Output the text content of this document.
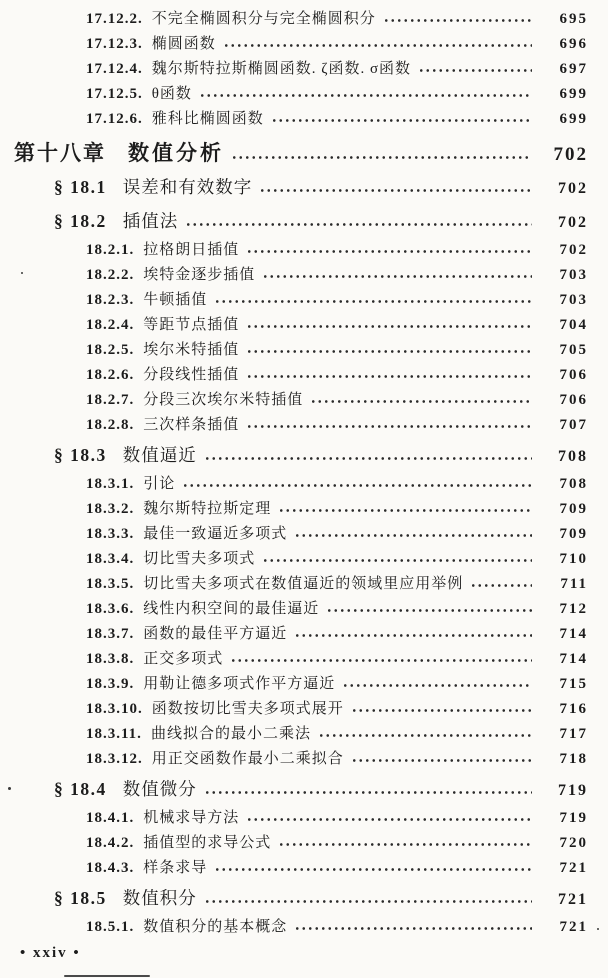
17.12.2. 不完全椭圆积分与完全椭圆积分	695
17.12.3. 椭圆函数	696
17.12.4. 魏尔斯特拉斯椭圆函数. ζ函数. σ函数	697
17.12.5. θ函数	699
17.12.6. 雅科比椭圆函数	699
第十八章 数值分析	702
§ 18.1 误差和有效数字	702
§ 18.2 插值法	702
18.2.1. 拉格朗日插值	702
18.2.2. 埃特金逐步插值	703
18.2.3. 牛顿插值	703
18.2.4. 等距节点插值	704
18.2.5. 埃尔米特插值	705
18.2.6. 分段线性插值	706
18.2.7. 分段三次埃尔米特插值	706
18.2.8. 三次样条插值	707
§ 18.3 数值逼近	708
18.3.1. 引论	708
18.3.2. 魏尔斯特拉斯定理	709
18.3.3. 最佳一致逼近多项式	709
18.3.4. 切比雪夫多项式	710
18.3.5. 切比雪夫多项式在数值逼近的领域里应用举例	711
18.3.6. 线性内积空间的最佳逼近	712
18.3.7. 函数的最佳平方逼近	714
18.3.8. 正交多项式	714
18.3.9. 用勒让德多项式作平方逼近	715
18.3.10. 函数按切比雪夫多项式展开	716
18.3.11. 曲线拟合的最小二乘法	717
18.3.12. 用正交函数作最小二乘拟合	718
§ 18.4 数值微分	719
18.4.1. 机械求导方法	719
18.4.2. 插值型的求导公式	720
18.4.3. 样条求导	721
§ 18.5 数值积分	721
18.5.1. 数值积分的基本概念	721
• xxiv •
